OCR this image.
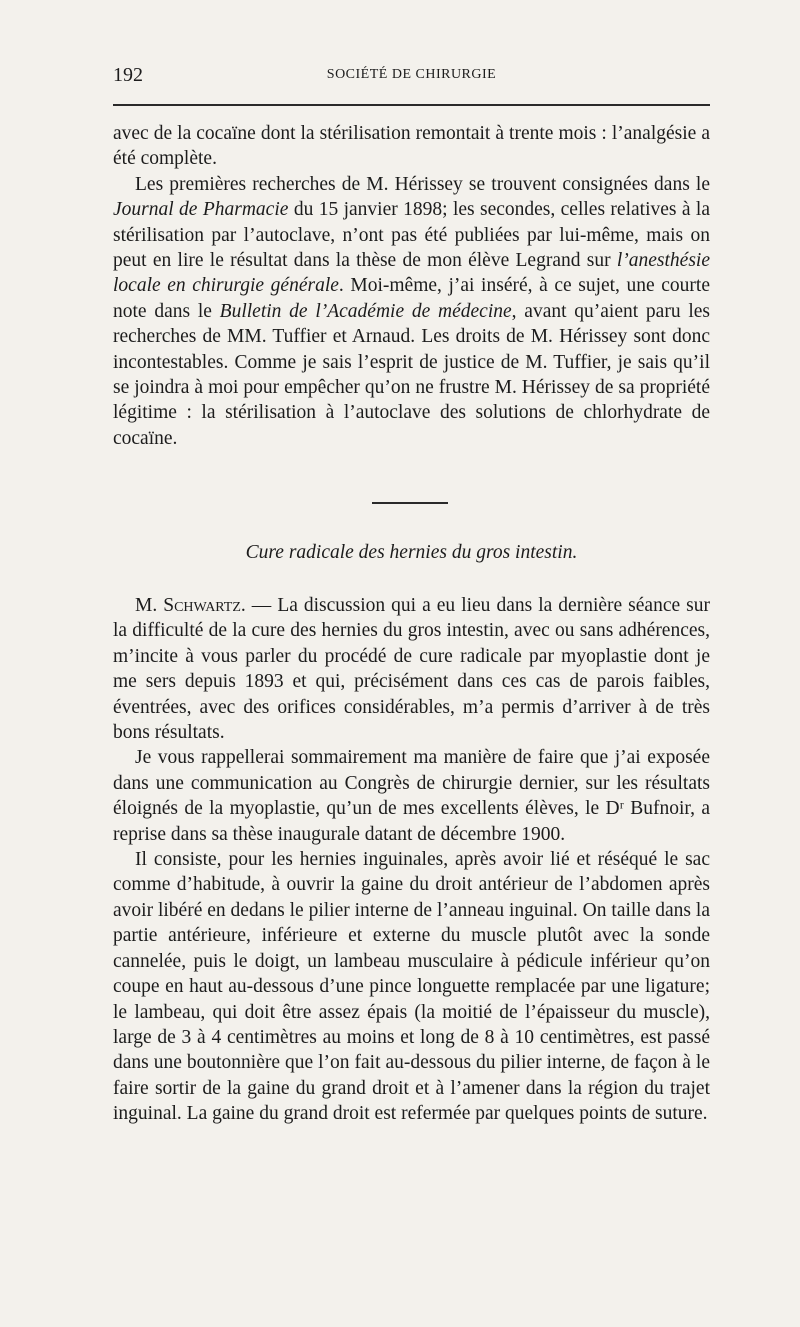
192	SOCIÉTÉ DE CHIRURGIE

avec de la cocaïne dont la stérilisation remontait à trente mois : l’analgésie a été complète.

Les premières recherches de M. Hérissey se trouvent consignées dans le Journal de Pharmacie du 15 janvier 1898; les secondes, celles relatives à la stérilisation par l’autoclave, n’ont pas été publiées par lui-même, mais on peut en lire le résultat dans la thèse de mon élève Legrand sur l’anesthésie locale en chirurgie générale. Moi-même, j’ai inséré, à ce sujet, une courte note dans le Bulletin de l’Académie de médecine, avant qu’aient paru les recherches de MM. Tuffier et Arnaud. Les droits de M. Hérissey sont donc incontestables. Comme je sais l’esprit de justice de M. Tuffier, je sais qu’il se joindra à moi pour empêcher qu’on ne frustre M. Hérissey de sa propriété légitime : la stérilisation à l’autoclave des solutions de chlorhydrate de cocaïne.

Cure radicale des hernies du gros intestin.

M. Schwartz. — La discussion qui a eu lieu dans la dernière séance sur la difficulté de la cure des hernies du gros intestin, avec ou sans adhérences, m’incite à vous parler du procédé de cure radicale par myoplastie dont je me sers depuis 1893 et qui, précisément dans ces cas de parois faibles, éventrées, avec des orifices considérables, m’a permis d’arriver à de très bons résultats.

Je vous rappellerai sommairement ma manière de faire que j’ai exposée dans une communication au Congrès de chirurgie dernier, sur les résultats éloignés de la myoplastie, qu’un de mes excellents élèves, le Dʳ Bufnoir, a reprise dans sa thèse inaugurale datant de décembre 1900.

Il consiste, pour les hernies inguinales, après avoir lié et réséqué le sac comme d’habitude, à ouvrir la gaine du droit antérieur de l’abdomen après avoir libéré en dedans le pilier interne de l’anneau inguinal. On taille dans la partie antérieure, inférieure et externe du muscle plutôt avec la sonde cannelée, puis le doigt, un lambeau musculaire à pédicule inférieur qu’on coupe en haut au-dessous d’une pince longuette remplacée par une ligature; le lambeau, qui doit être assez épais (la moitié de l’épaisseur du muscle), large de 3 à 4 centimètres au moins et long de 8 à 10 centimètres, est passé dans une boutonnière que l’on fait au-dessous du pilier interne, de façon à le faire sortir de la gaine du grand droit et à l’amener dans la région du trajet inguinal. La gaine du grand droit est refermée par quelques points de suture.
